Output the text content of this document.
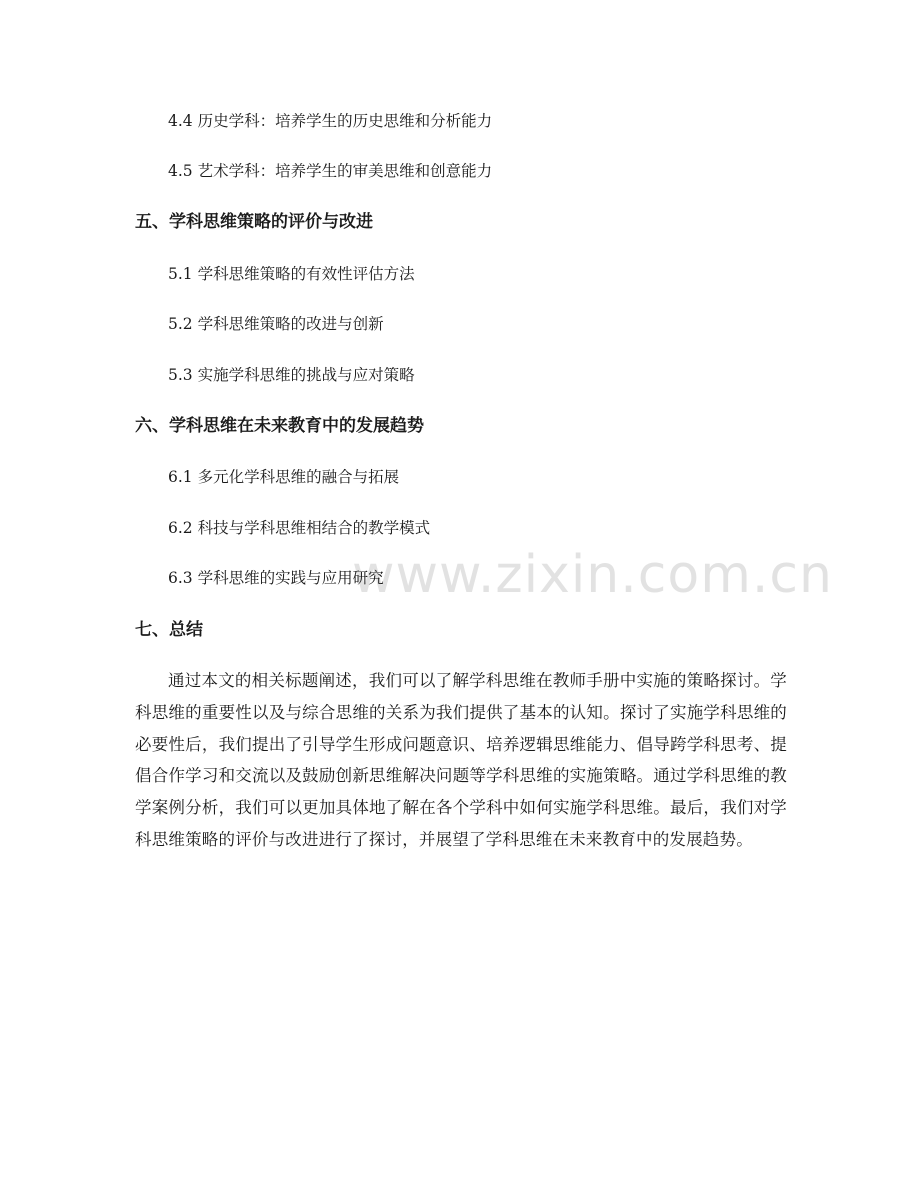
www.zixin.com.cn
4.4 历史学科：培养学生的历史思维和分析能力
4.5 艺术学科：培养学生的审美思维和创意能力
五、学科思维策略的评价与改进
5.1 学科思维策略的有效性评估方法
5.2 学科思维策略的改进与创新
5.3 实施学科思维的挑战与应对策略
六、学科思维在未来教育中的发展趋势
6.1 多元化学科思维的融合与拓展
6.2 科技与学科思维相结合的教学模式
6.3 学科思维的实践与应用研究
七、总结
通过本文的相关标题阐述，我们可以了解学科思维在教师手册中实施的策略探讨。学科思维的重要性以及与综合思维的关系为我们提供了基本的认知。探讨了实施学科思维的必要性后，我们提出了引导学生形成问题意识、培养逻辑思维能力、倡导跨学科思考、提倡合作学习和交流以及鼓励创新思维解决问题等学科思维的实施策略。通过学科思维的教学案例分析，我们可以更加具体地了解在各个学科中如何实施学科思维。最后，我们对学科思维策略的评价与改进进行了探讨，并展望了学科思维在未来教育中的发展趋势。
